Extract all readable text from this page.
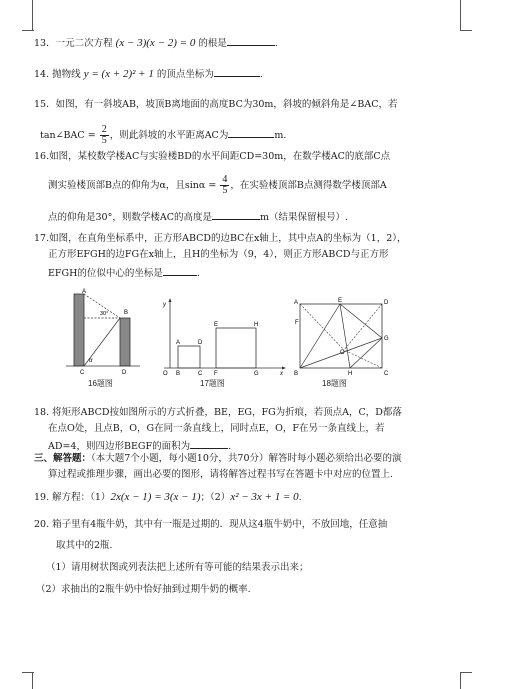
13．一元二次方程 (x − 3)(x − 2) = 0 的根是	.
14. 抛物线 y = (x + 2)² + 1 的顶点坐标为	.
15．如图，有一斜坡AB，坡顶B离地面的高度BC为30m，斜坡的倾斜角是∠BAC，若
tan∠BAC = $\frac{2}{5}$ ，则此斜坡的水平距离AC为	m.
16.如图，某校数学楼AC与实验楼BD的水平间距CD=30m，在数学楼AC的底部C点
测实验楼顶部B点的仰角为α，且$\sin\alpha = \frac{4}{5}$ ，在实验楼顶部B点测得数学楼顶部A
点的仰角是30°，则数学楼AC的高度是	m（结果保留根号）.
17.如图，在直角坐标系中，正方形ABCD的边BC在x轴上，其中点A的坐标为（1，2），
正方形EFGH的边FG在x轴上，且H的坐标为（9，4），则正方形ABCD与正方形
EFGH的位似中心的坐标是	.
A
B
C	D
30°
α
16题图
y
A	D
E	H
O B	C F	G	x
17题图
A	E	D
F
G
O
B	H	C
18题图
18. 将矩形ABCD按如图所示的方式折叠，BE，EG，FG为折痕，若顶点A，C，D都落
在点O处，且点B，O，G在同一条直线上，同时点E，O，F在另一条直线上，若
AD=4，则四边形BEGF的面积为	.
三、解答题：（本大题7个小题，每小题10分，共70分）解答时每小题必须给出必要的演
算过程或推理步骤，画出必要的图形，请将解答过程书写在答题卡中对应的位置上.
19. 解方程：（1）2x(x − 1) = 3(x − 1)；（2）x² − 3x + 1 = 0.
20. 箱子里有4瓶牛奶，其中有一瓶是过期的．现从这4瓶牛奶中，不放回地，任意抽
取其中的2瓶.
（1）请用树状图或列表法把上述所有等可能的结果表示出来；
（2）求抽出的2瓶牛奶中恰好抽到过期牛奶的概率.
